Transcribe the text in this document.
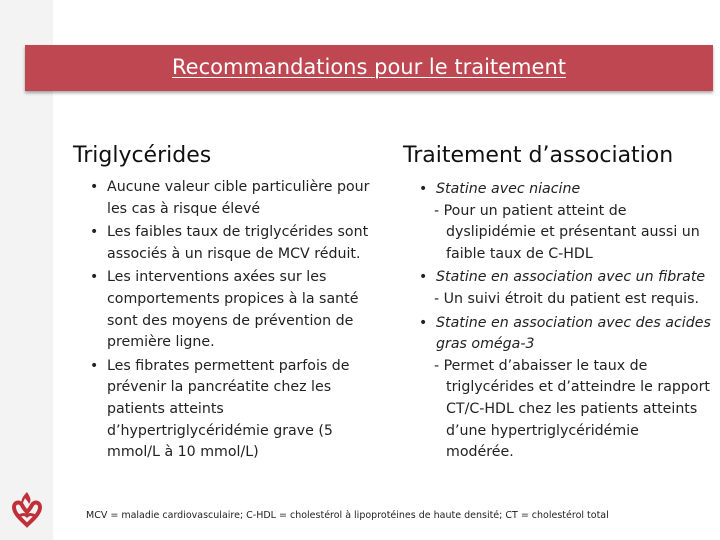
Recommandations pour le traitement
Triglycérides	Traitement d’association
• Aucune valeur cible particulière pour les cas à risque élevé
• Les faibles taux de triglycérides sont associés à un risque de MCV réduit.
• Les interventions axées sur les comportements propices à la santé sont des moyens de prévention de première ligne.
• Les fibrates permettent parfois de prévenir la pancréatite chez les patients atteints d’hypertriglycéridémie grave (5 mmol/L à 10 mmol/L)
• Statine avec niacine
- Pour un patient atteint de dyslipidémie et présentant aussi un faible taux de C-HDL
• Statine en association avec un fibrate
- Un suivi étroit du patient est requis.
• Statine en association avec des acides gras oméga-3
- Permet d’abaisser le taux de triglycérides et d’atteindre le rapport CT/C-HDL chez les patients atteints d’une hypertriglycéridémie modérée.
MCV = maladie cardiovasculaire; C-HDL = cholestérol à lipoprotéines de haute densité; CT = cholestérol total
